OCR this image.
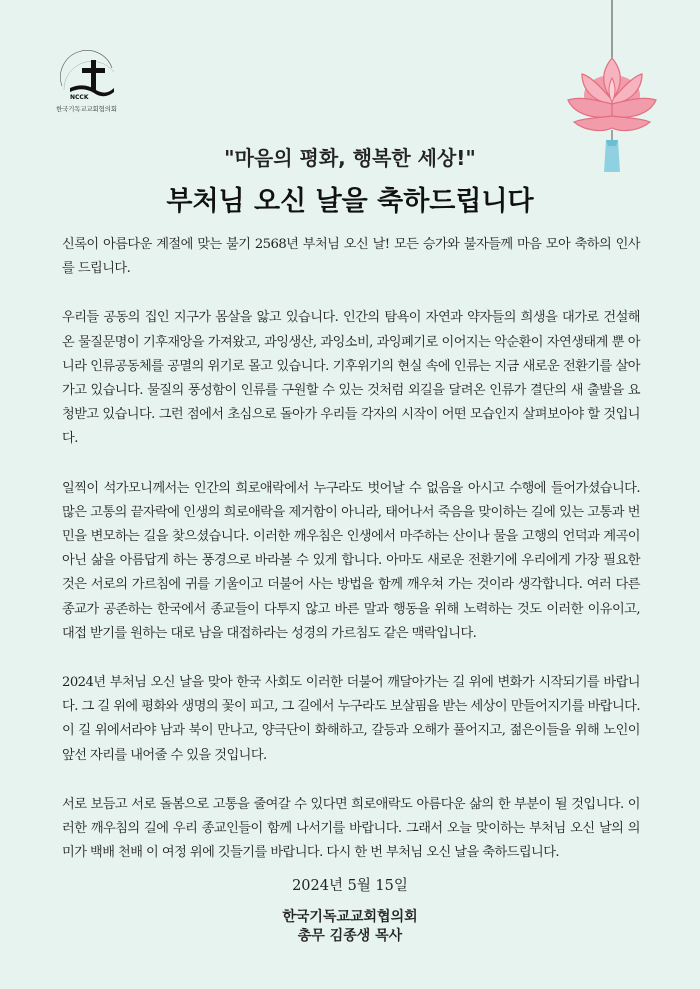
NCCK
한국기독교교회협의회
"마음의 평화, 행복한 세상!"
부처님 오신 날을 축하드립니다

신록이 아름다운 계절에 맞는 불기 2568년 부처님 오신 날! 모든 승가와 불자들께 마음 모아 축하의 인사를 드립니다.

우리들 공동의 집인 지구가 몸살을 앓고 있습니다. 인간의 탐욕이 자연과 약자들의 희생을 대가로 건설해 온 물질문명이 기후재앙을 가져왔고, 과잉생산, 과잉소비, 과잉폐기로 이어지는 악순환이 자연생태계 뿐 아니라 인류공동체를 공멸의 위기로 몰고 있습니다. 기후위기의 현실 속에 인류는 지금 새로운 전환기를 살아가고 있습니다. 물질의 풍성함이 인류를 구원할 수 있는 것처럼 외길을 달려온 인류가 결단의 새 출발을 요청받고 있습니다. 그런 점에서 초심으로 돌아가 우리들 각자의 시작이 어떤 모습인지 살펴보아야 할 것입니다.

일찍이 석가모니께서는 인간의 희로애락에서 누구라도 벗어날 수 없음을 아시고 수행에 들어가셨습니다. 많은 고통의 끝자락에 인생의 희로애락을 제거함이 아니라, 태어나서 죽음을 맞이하는 길에 있는 고통과 번민을 변모하는 길을 찾으셨습니다. 이러한 깨우침은 인생에서 마주하는 산이나 물을 고행의 언덕과 계곡이 아닌 삶을 아름답게 하는 풍경으로 바라볼 수 있게 합니다. 아마도 새로운 전환기에 우리에게 가장 필요한 것은 서로의 가르침에 귀를 기울이고 더불어 사는 방법을 함께 깨우쳐 가는 것이라 생각합니다. 여러 다른 종교가 공존하는 한국에서 종교들이 다투지 않고 바른 말과 행동을 위해 노력하는 것도 이러한 이유이고, 대접 받기를 원하는 대로 남을 대접하라는 성경의 가르침도 같은 맥락입니다.

2024년 부처님 오신 날을 맞아 한국 사회도 이러한 더불어 깨달아가는 길 위에 변화가 시작되기를 바랍니다. 그 길 위에 평화와 생명의 꽃이 피고, 그 길에서 누구라도 보살핌을 받는 세상이 만들어지기를 바랍니다. 이 길 위에서라야 남과 북이 만나고, 양극단이 화해하고, 갈등과 오해가 풀어지고, 젊은이들을 위해 노인이 앞선 자리를 내어줄 수 있을 것입니다.

서로 보듬고 서로 돌봄으로 고통을 줄여갈 수 있다면 희로애락도 아름다운 삶의 한 부분이 될 것입니다. 이러한 깨우침의 길에 우리 종교인들이 함께 나서기를 바랍니다. 그래서 오늘 맞이하는 부처님 오신 날의 의미가 백배 천배 이 여정 위에 깃들기를 바랍니다. 다시 한 번 부처님 오신 날을 축하드립니다.

2024년 5월 15일
한국기독교교회협의회
총무 김종생 목사
